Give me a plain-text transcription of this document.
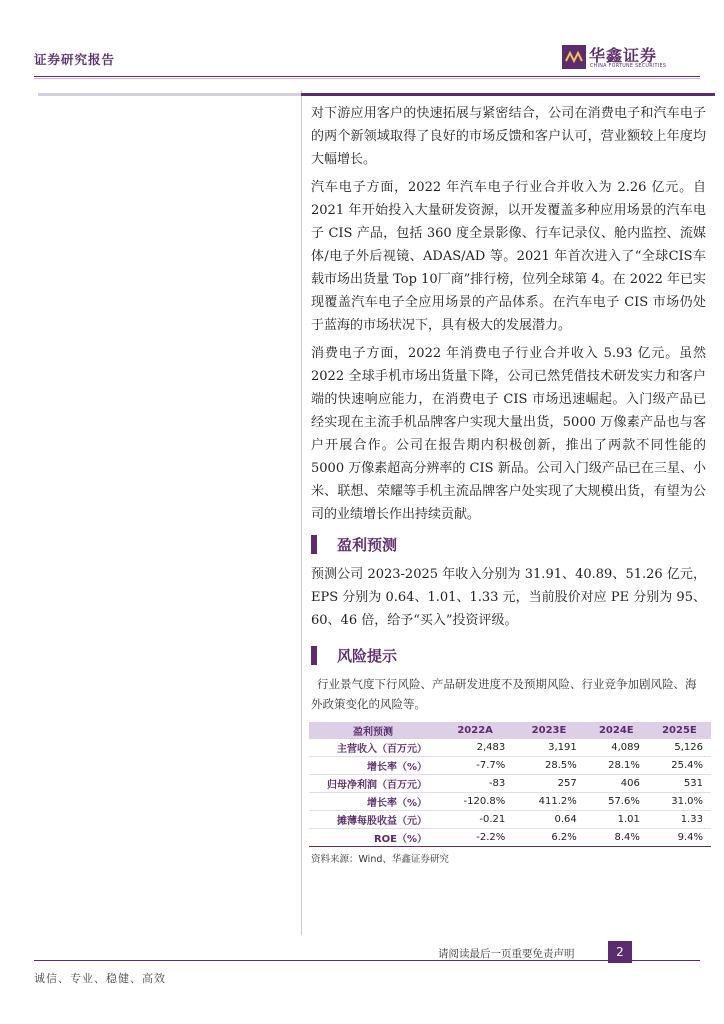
证券研究报告	华鑫证券
CHINA FORTUNE SECURITIES

对下游应用客户的快速拓展与紧密结合，公司在消费电子和汽车电子的两个新领域取得了良好的市场反馈和客户认可，营业额较上年度均大幅增长。

汽车电子方面，2022 年汽车电子行业合并收入为 2.26 亿元。自 2021 年开始投入大量研发资源，以开发覆盖多种应用场景的汽车电子 CIS 产品，包括 360 度全景影像、行车记录仪、舱内监控、流媒体/电子外后视镜、ADAS/AD 等。2021 年首次进入了“全球CIS车载市场出货量 Top 10厂商”排行榜，位列全球第 4。在 2022 年已实现覆盖汽车电子全应用场景的产品体系。在汽车电子 CIS 市场仍处于蓝海的市场状况下，具有极大的发展潜力。

消费电子方面，2022 年消费电子行业合并收入 5.93 亿元。虽然 2022 全球手机市场出货量下降，公司已然凭借技术研发实力和客户端的快速响应能力，在消费电子 CIS 市场迅速崛起。入门级产品已经实现在主流手机品牌客户实现大量出货，5000 万像素产品也与客户开展合作。公司在报告期内积极创新，推出了两款不同性能的 5000 万像素超高分辨率的 CIS 新品。公司入门级产品已在三星、小米、联想、荣耀等手机主流品牌客户处实现了大规模出货，有望为公司的业绩增长作出持续贡献。

盈利预测

预测公司 2023-2025 年收入分别为 31.91、40.89、51.26 亿元，EPS 分别为 0.64、1.01、1.33 元，当前股价对应 PE 分别为 95、60、46 倍，给予“买入”投资评级。

风险提示

行业景气度下行风险、产品研发进度不及预期风险、行业竞争加剧风险、海外政策变化的风险等。

盈利预测	2022A	2023E	2024E	2025E
主营收入（百万元）	2,483	3,191	4,089	5,126
增长率（%）	-7.7%	28.5%	28.1%	25.4%
归母净利润（百万元）	-83	257	406	531
增长率（%）	-120.8%	411.2%	57.6%	31.0%
摊薄每股收益（元）	-0.21	0.64	1.01	1.33
ROE（%）	-2.2%	6.2%	8.4%	9.4%
资料来源：Wind、华鑫证券研究
请阅读最后一页重要免责声明	2
诚信、专业、稳健、高效
